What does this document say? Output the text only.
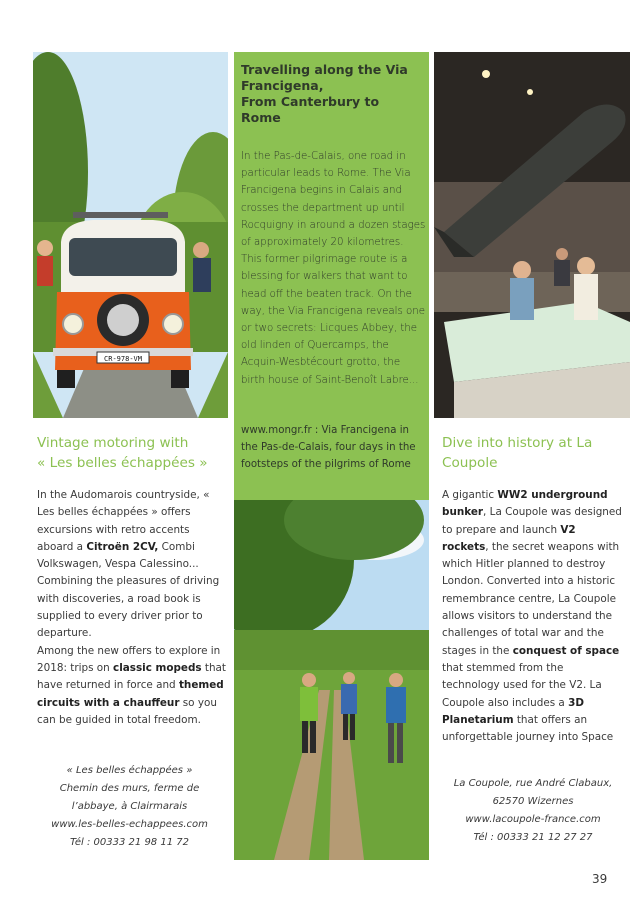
CR-978-VM
Travelling along the Via
Francigena,
From Canterbury to
Rome
In the Pas-de-Calais, one road in particular leads to Rome. The Via Francigena begins in Calais and crosses the department up until Rocquigny in around a dozen stages of approximately 20 kilometres. This former pilgrimage route is a blessing for walkers that want to head off the beaten track. On the way, the Via Francigena reveals one or two secrets: Licques Abbey, the old linden of Quercamps, the Acquin-Wesbtécourt grotto, the birth house of Saint-Benoît Labre...
www.mongr.fr : Via Francigena in the Pas-de-Calais, four days in the footsteps of the pilgrims of Rome
Vintage motoring with
« Les belles échappées »
In the Audomarois countryside, « Les belles échappées » offers excursions with retro accents aboard a Citroën 2CV, Combi Volkswagen, Vespa Calessino... Combining the pleasures of driving with discoveries, a road book is supplied to every driver prior to departure.
Among the new offers to explore in 2018: trips on classic mopeds that have returned in force and themed circuits with a chauffeur so you can be guided in total freedom.
« Les belles échappées »
Chemin des murs, ferme de
l’abbaye, à Clairmarais
www.les-belles-echappees.com
Tél : 00333 21 98 11 72
Dive into history at La
Coupole
A gigantic WW2 underground bunker, La Coupole was designed to prepare and launch V2 rockets, the secret weapons with which Hitler planned to destroy London. Converted into a historic remembrance centre, La Coupole allows visitors to understand the challenges of total war and the stages in the conquest of space that stemmed from the technology used for the V2. La Coupole also includes a 3D Planetarium that offers an unforgettable journey into Space
La Coupole, rue André Clabaux,
62570 Wizernes
www.lacoupole-france.com
Tél : 00333 21 12 27 27
39
